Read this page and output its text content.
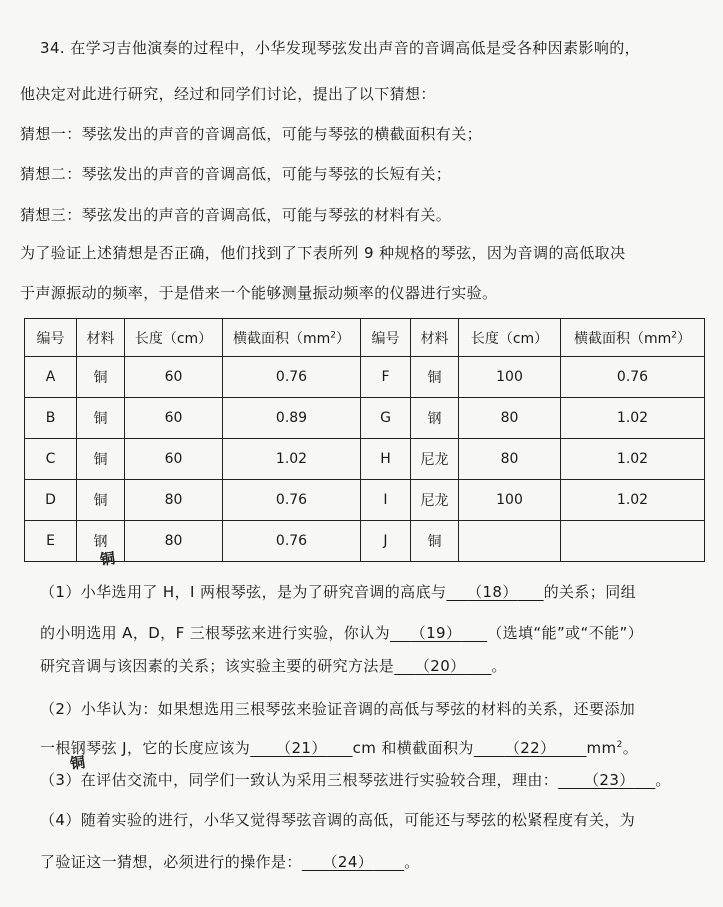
34. 在学习吉他演奏的过程中，小华发现琴弦发出声音的音调高低是受各种因素影响的，
他决定对此进行研究，经过和同学们讨论，提出了以下猜想：
猜想一：琴弦发出的声音的音调高低，可能与琴弦的横截面积有关；
猜想二：琴弦发出的声音的音调高低，可能与琴弦的长短有关；
猜想三：琴弦发出的声音的音调高低，可能与琴弦的材料有关。
为了验证上述猜想是否正确，他们找到了下表所列 9 种规格的琴弦，因为音调的高低取决
于声源振动的频率，于是借来一个能够测量振动频率的仪器进行实验。
编号	材料	长度（cm）	横截面积$(mm^2)$	编号	材料	长度（cm）	横截面积$(mm^2)$
A	铜	60	0.76	F	铜	100	0.76
B	铜	60	0.89	G	钢	80	1.02
C	铜	60	1.02	H	尼龙	80	1.02
D	铜	80	0.76	I	尼龙	100	1.02
E	钢	80	0.76	J	铜		
铜
（1）小华选用了 H，I 两根琴弦，是为了研究音调的高底与 （18） 的关系；同组
的小明选用 A，D，F 三根琴弦来进行实验，你认为 （19） （选填“能”或“不能”）
研究音调与该因素的关系；该实验主要的研究方法是 （20） 。
（2）小华认为：如果想选用三根琴弦来验证音调的高低与琴弦的材料的关系，还要添加
一根钢琴弦 J，它的长度应该为 （21） cm 和横截面积为 （22） $mm^2$。
铜
（3）在评估交流中，同学们一致认为采用三根琴弦进行实验较合理，理由： （23） 。
（4）随着实验的进行，小华又觉得琴弦音调的高低，可能还与琴弦的松紧程度有关，为
了验证这一猜想，必须进行的操作是： （24） 。
